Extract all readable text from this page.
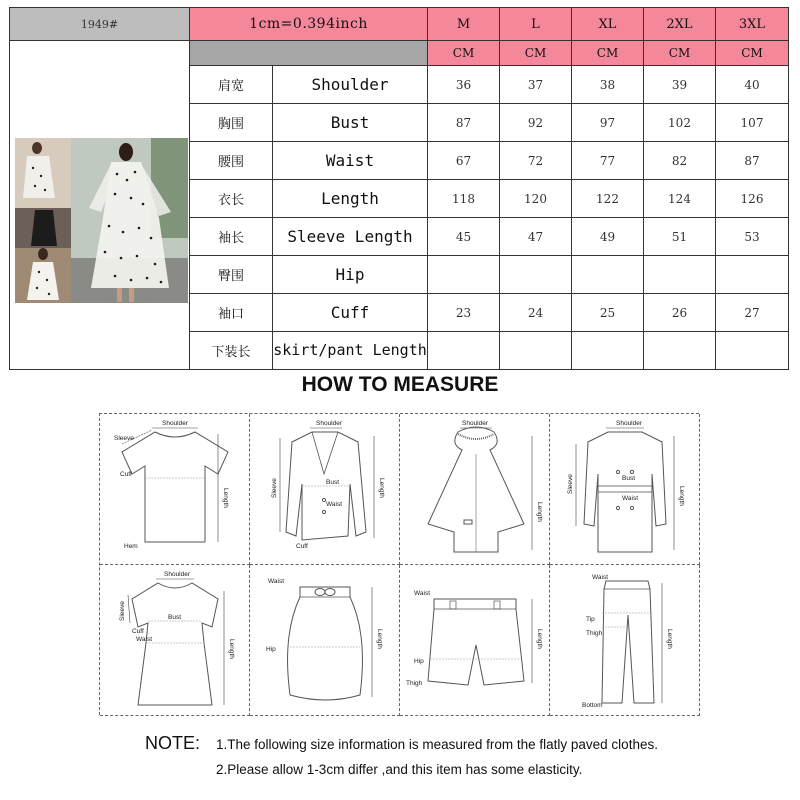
1949#	1cm=0.394inch		M	L	XL	2XL	3XL

		CM	CM	CM	CM	CM
	肩宽	Shoulder	36	37	38	39	40
	胸围	Bust	87	92	97	102	107
	腰围	Waist	67	72	77	82	87
	衣长	Length	118	120	122	124	126
	袖长	Sleeve Length	45	47	49	51	53
	臀围	Hip					
	袖口	Cuff	23	24	25	26	27
	下装长	skirt/pant Length					
HOW TO MEASURE
Shoulder
Sleeve
Cuff
Hem
Length
Shoulder
Bust
Waist
Cuff
Sleeve	Length
Shoulder
Length
Shoulder
Bust
Waist
Sleeve
Length
Shoulder
Bust
Cuff
Waist
Sleeve
Length
Waist
Hip
Length
Waist
Hip
Thigh
Length
Waist
Tip
Thigh
Bottom
Length
NOTE: 1.The following size information is measured from the flatly paved clothes.
2.Please allow 1-3cm differ ,and this item has some elasticity.
